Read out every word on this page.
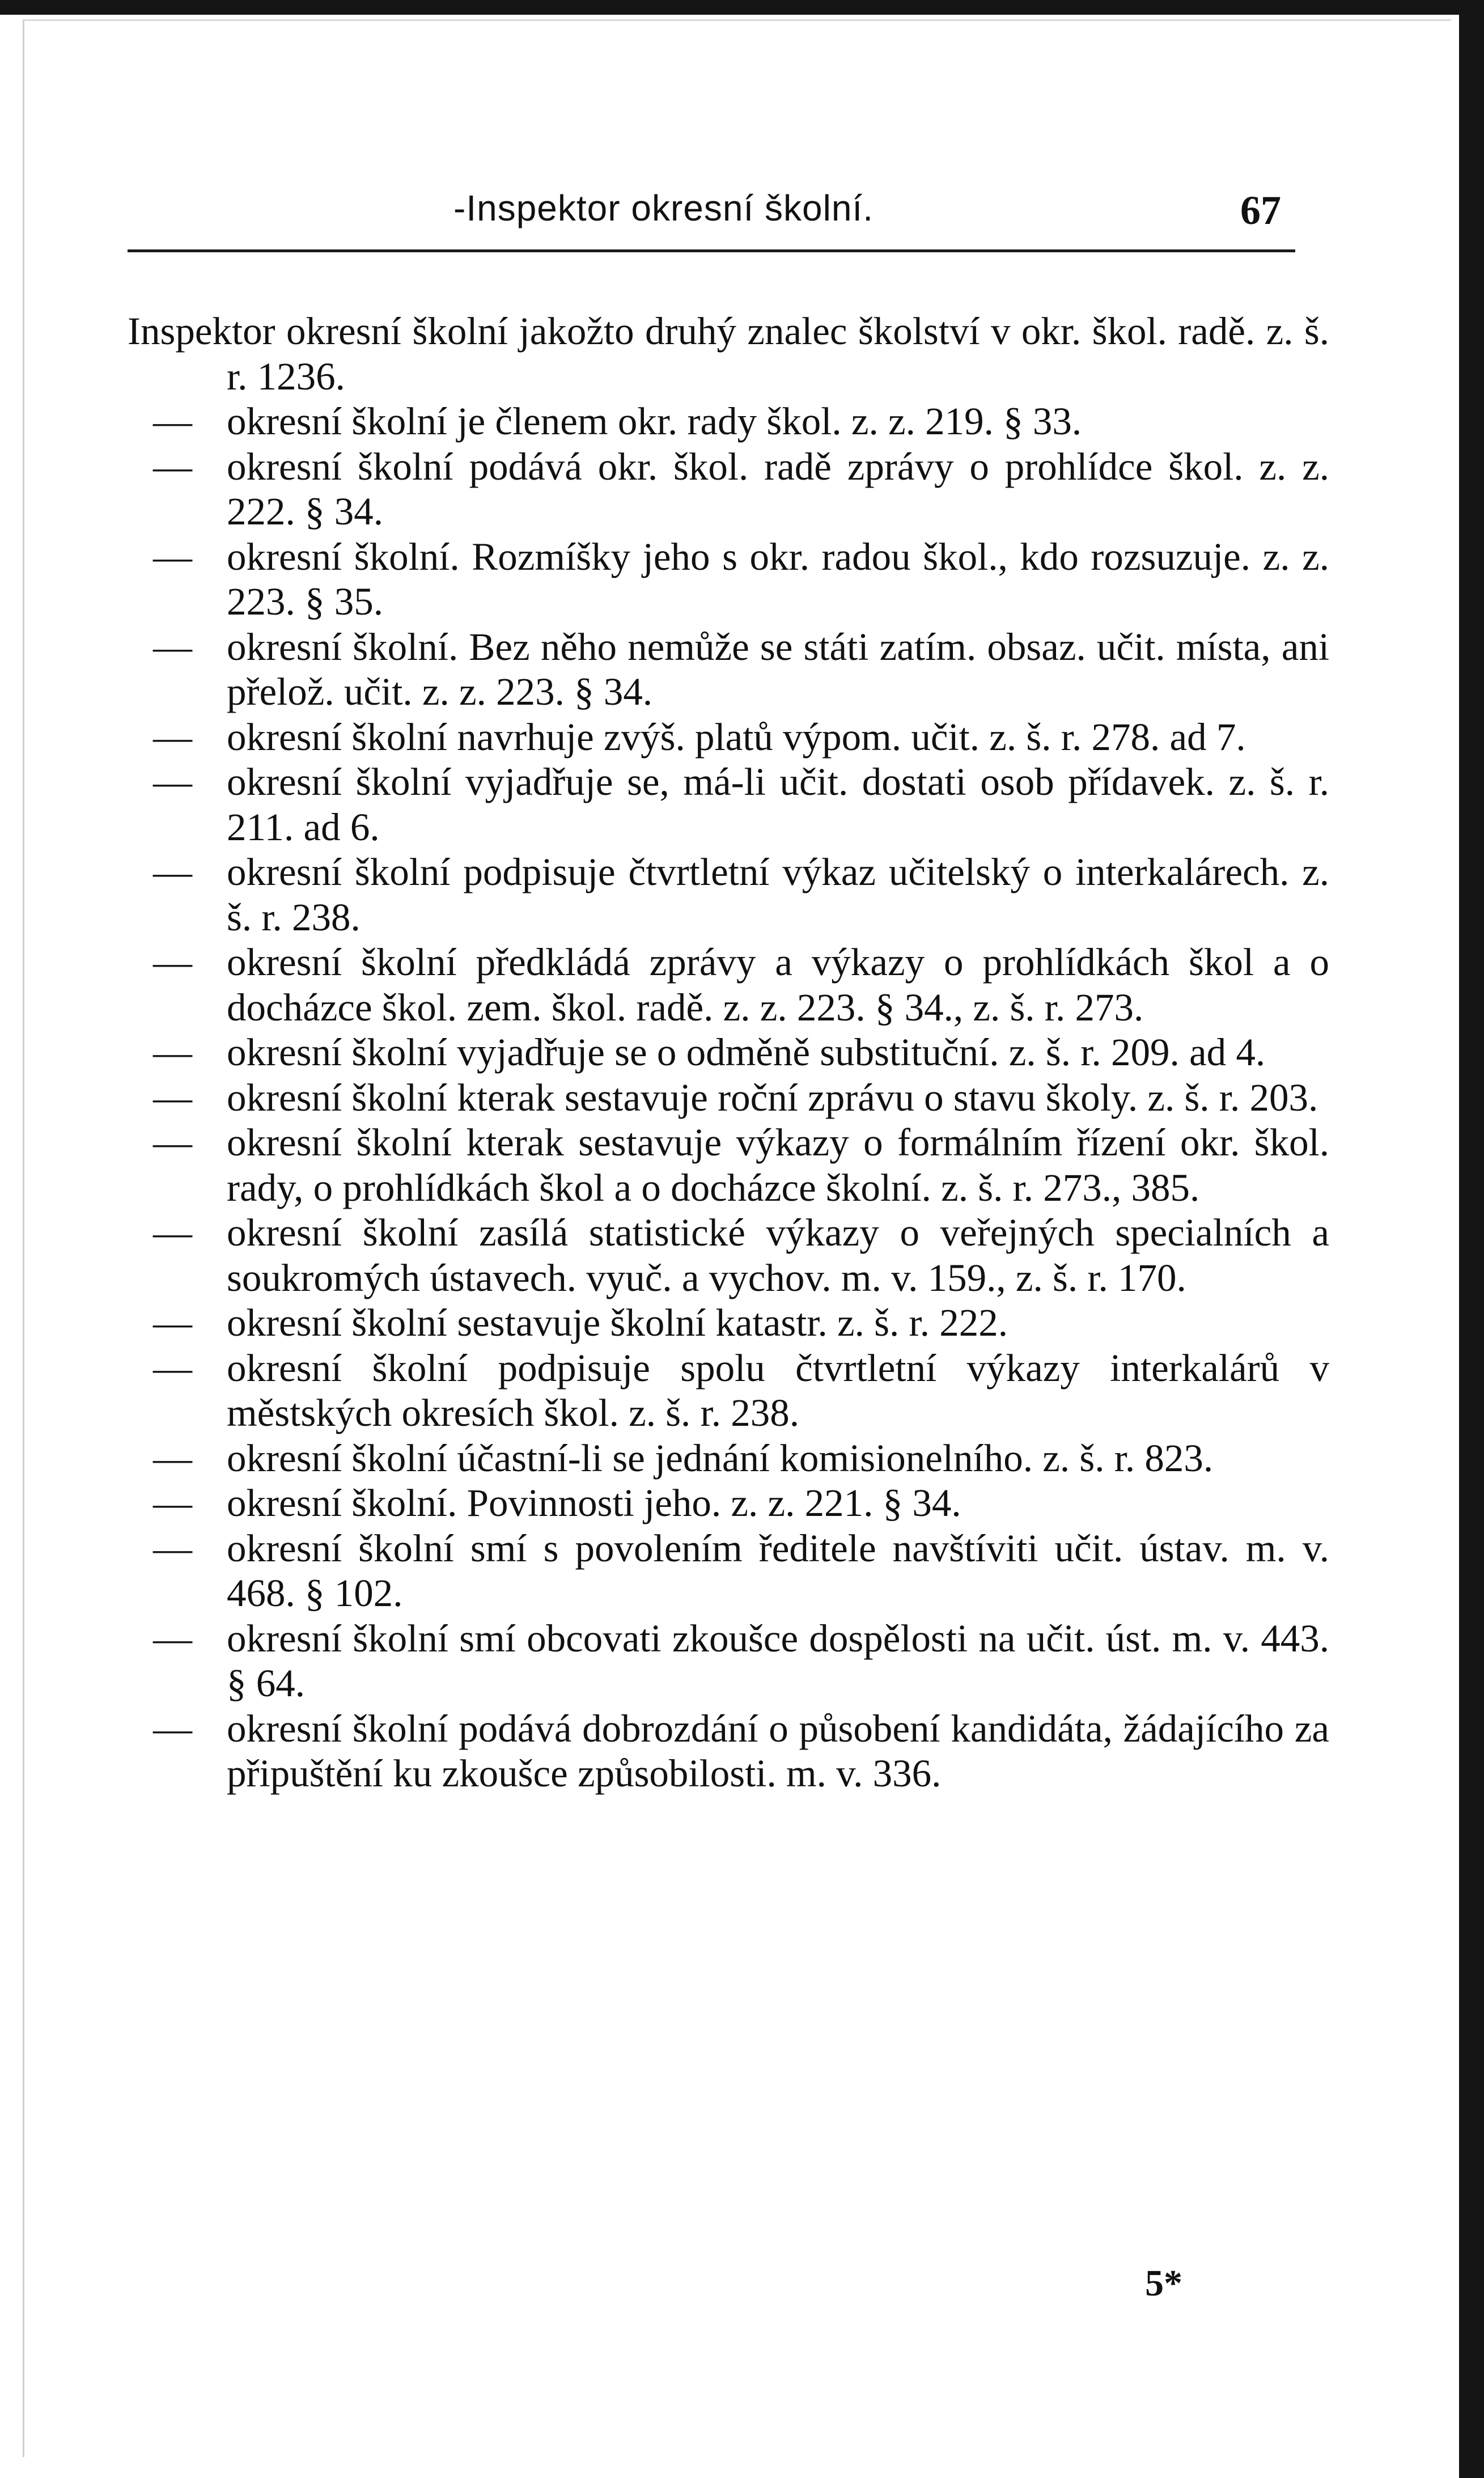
-Inspektor okresní školní.	67

Inspektor okresní školní jakožto druhý znalec školství v okr. škol. radě. z. š. r. 1236.

— okresní školní je členem okr. rady škol. z. z. 219. § 33.

— okresní školní podává okr. škol. radě zprávy o prohlídce škol. z. z. 222. § 34.

— okresní školní. Rozmíšky jeho s okr. radou škol., kdo rozsuzuje. z. z. 223. § 35.

— okresní školní. Bez něho nemůže se státi zatím. obsaz. učit. místa, ani přelož. učit. z. z. 223. § 34.

— okresní školní navrhuje zvýš. platů výpom. učit. z. š. r. 278. ad 7.

— okresní školní vyjadřuje se, má-li učit. dostati osob přídavek. z. š. r. 211. ad 6.

— okresní školní podpisuje čtvrtletní výkaz učitelský o interkalárech. z. š. r. 238.

— okresní školní předkládá zprávy a výkazy o prohlídkách škol a o docházce škol. zem. škol. radě. z. z. 223. § 34., z. š. r. 273.

— okresní školní vyjadřuje se o odměně substituční. z. š. r. 209. ad 4.

— okresní školní kterak sestavuje roční zprávu o stavu školy. z. š. r. 203.

— okresní školní kterak sestavuje výkazy o formálním řízení okr. škol. rady, o prohlídkách škol a o docházce školní. z. š. r. 273., 385.

— okresní školní zasílá statistické výkazy o veřejných specialních a soukromých ústavech. vyuč. a vychov. m. v. 159., z. š. r. 170.

— okresní školní sestavuje školní katastr. z. š. r. 222.

— okresní školní podpisuje spolu čtvrtletní výkazy interkalárů v městských okresích škol. z. š. r. 238.

— okresní školní účastní-li se jednání komisionelního. z. š. r. 823.

— okresní školní. Povinnosti jeho. z. z. 221. § 34.

— okresní školní smí s povolením ředitele navštíviti učit. ústav. m. v. 468. § 102.

— okresní školní smí obcovati zkoušce dospělosti na učit. úst. m. v. 443. § 64.

— okresní školní podává dobrozdání o působení kandidáta, žádajícího za připuštění ku zkoušce způsobilosti. m. v. 336.

5*
